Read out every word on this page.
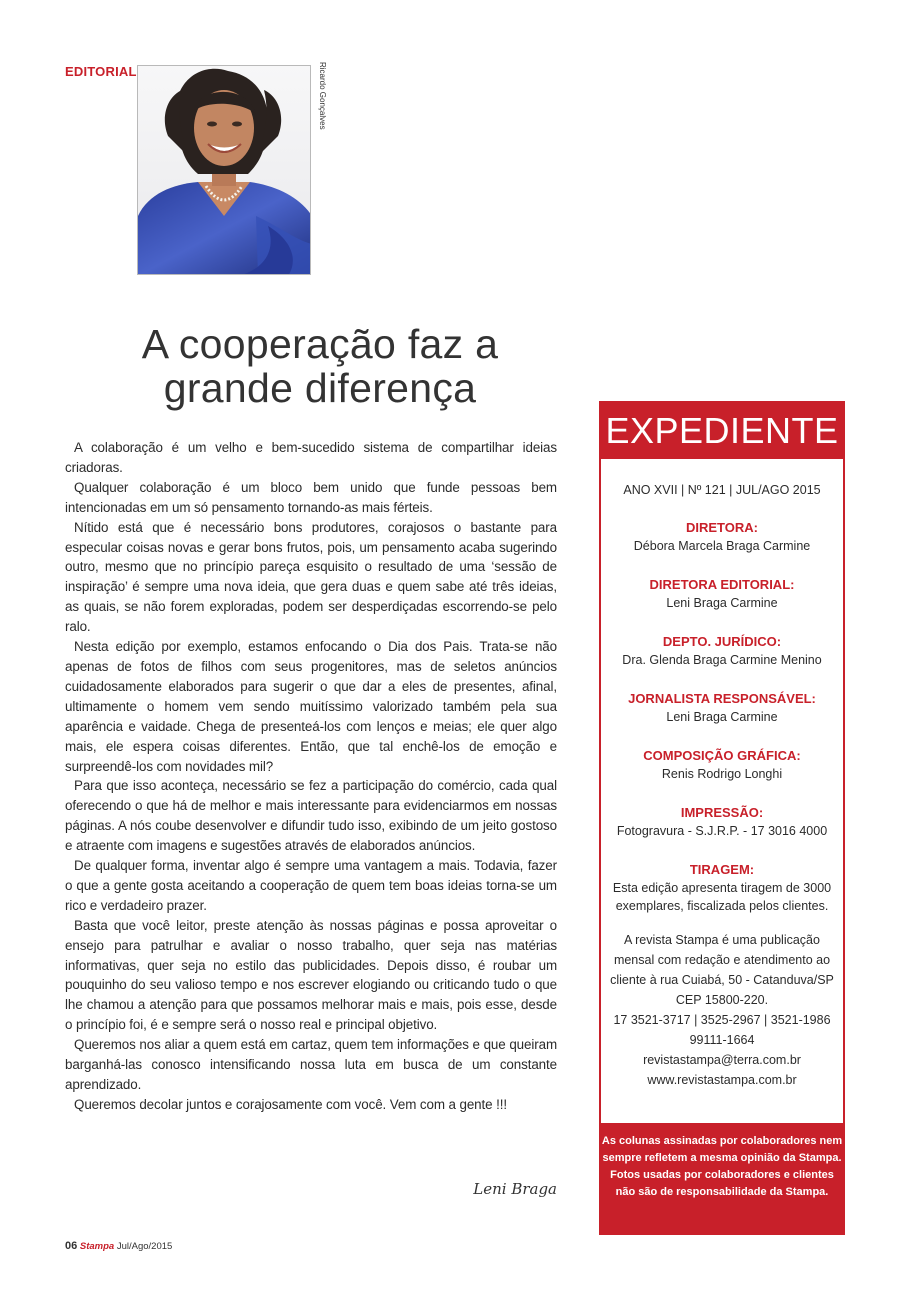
EDITORIAL	Ricardo Gonçalves
A cooperação faz a
grande diferença

A colaboração é um velho e bem-sucedido sistema de compartilhar ideias criadoras.

Qualquer colaboração é um bloco bem unido que funde pessoas bem intencionadas em um só pensamento tornando-as mais férteis.

Nítido está que é necessário bons produtores, corajosos o bastante para especular coisas novas e gerar bons frutos, pois, um pensamento acaba sugerindo outro, mesmo que no princípio pareça esquisito o resultado de uma ‘sessão de inspiração’ é sempre uma nova ideia, que gera duas e quem sabe até três ideias, as quais, se não forem exploradas, podem ser desperdiçadas escorrendo-se pelo ralo.

Nesta edição por exemplo, estamos enfocando o Dia dos Pais. Trata-se não apenas de fotos de filhos com seus progenitores, mas de seletos anúncios cuidadosamente elaborados para sugerir o que dar a eles de presentes, afinal, ultimamente o homem vem sendo muitíssimo valorizado também pela sua aparência e vaidade. Chega de presenteá-los com lenços e meias; ele quer algo mais, ele espera coisas diferentes. Então, que tal enchê-los de emoção e surpreendê-los com novidades mil?

Para que isso aconteça, necessário se fez a participação do comércio, cada qual oferecendo o que há de melhor e mais interessante para evidenciarmos em nossas páginas. A nós coube desenvolver e difundir tudo isso, exibindo de um jeito gostoso e atraente com imagens e sugestões através de elaborados anúncios.

De qualquer forma, inventar algo é sempre uma vantagem a mais. Todavia, fazer o que a gente gosta aceitando a cooperação de quem tem boas ideias torna-se um rico e verdadeiro prazer.

Basta que você leitor, preste atenção às nossas páginas e possa aproveitar o ensejo para patrulhar e avaliar o nosso trabalho, quer seja nas matérias informativas, quer seja no estilo das publicidades. Depois disso, é roubar um pouquinho do seu valioso tempo e nos escrever elogiando ou criticando tudo o que lhe chamou a atenção para que possamos melhorar mais e mais, pois esse, desde o princípio foi, é e sempre será o nosso real e principal objetivo.

Queremos nos aliar a quem está em cartaz, quem tem informações e que queiram barganhá-las conosco intensificando nossa luta em busca de um constante aprendizado.

Queremos decolar juntos e corajosamente com você. Vem com a gente !!!

Leni Braga
06 Stampa Jul/Ago/2015
EXPEDIENTE
ANO XVII | Nº 121 | JUL/AGO 2015
DIRETORA:
Débora Marcela Braga Carmine
DIRETORA EDITORIAL:
Leni Braga Carmine
DEPTO. JURÍDICO:
Dra. Glenda Braga Carmine Menino
JORNALISTA RESPONSÁVEL:
Leni Braga Carmine
COMPOSIÇÃO GRÁFICA:
Renis Rodrigo Longhi
IMPRESSÃO:
Fotogravura - S.J.R.P. - 17 3016 4000
TIRAGEM:
Esta edição apresenta tiragem de 3000 exemplares, fiscalizada pelos clientes.
A revista Stampa é uma publicação
mensal com redação e atendimento ao
cliente à rua Cuiabá, 50 - Catanduva/SP
CEP 15800-220.
17 3521-3717 | 3525-2967 | 3521-1986
99111-1664
revistastampa@terra.com.br
www.revistastampa.com.br
As colunas assinadas por colaboradores nem sempre refletem a mesma opinião da Stampa. Fotos usadas por colaboradores e clientes não são de responsabilidade da Stampa.
